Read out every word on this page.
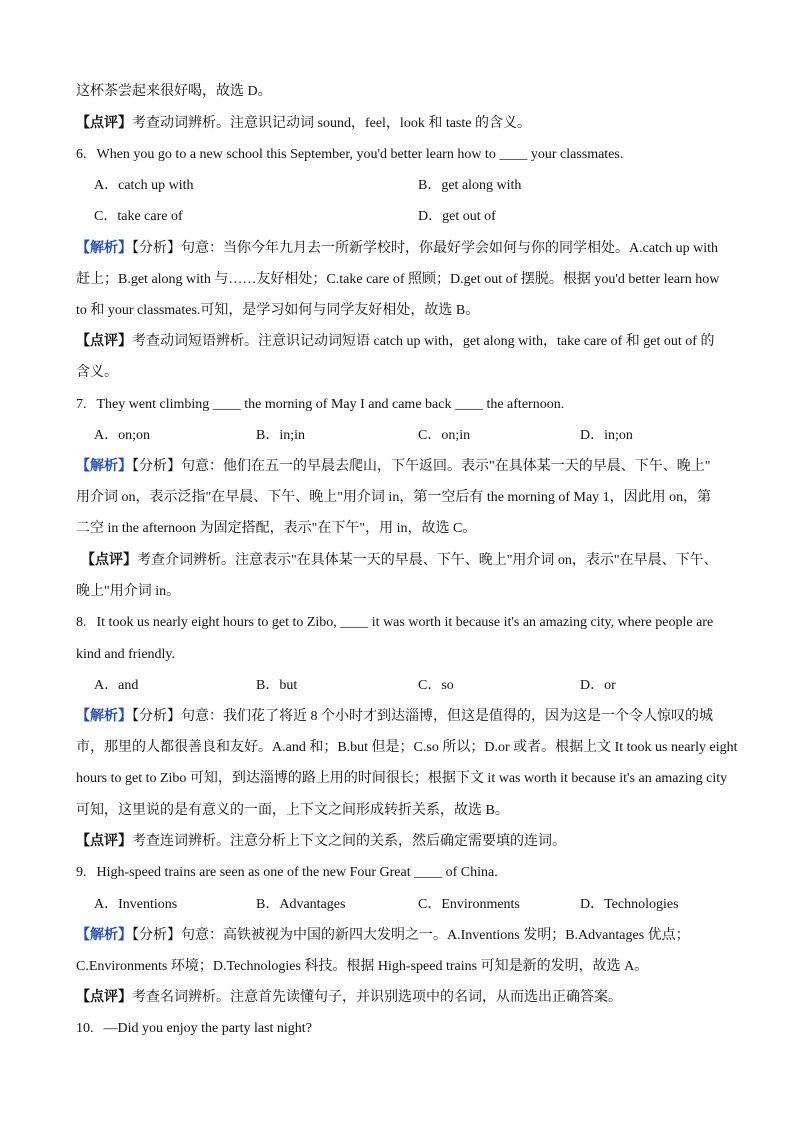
这杯茶尝起来很好喝，故选 D。
【点评】考查动词辨析。注意识记动词 sound，feel，look 和 taste 的含义。
6. When you go to a new school this September, you'd better learn how to ____ your classmates.
A．catch up with	B．get along with
C．take care of	D．get out of
【解析】【分析】句意：当你今年九月去一所新学校时，你最好学会如何与你的同学相处。A.catch up with
赶上；B.get along with 与……友好相处；C.take care of 照顾；D.get out of 摆脱。根据 you'd better learn how
to 和 your classmates.可知，是学习如何与同学友好相处，故选 B。
【点评】考查动词短语辨析。注意识记动词短语 catch up with，get along with，take care of 和 get out of 的
含义。
7. They went climbing ____ the morning of May I and came back ____ the afternoon.
A．on;on	B．in;in	C．on;in	D．in;on
【解析】【分析】句意：他们在五一的早晨去爬山，下午返回。表示"在具体某一天的早晨、下午、晚上"
用介词 on，表示泛指"在早晨、下午、晚上"用介词 in，第一空后有 the morning of May 1，因此用 on，第
二空 in the afternoon 为固定搭配，表示"在下午"，用 in，故选 C。
【点评】考查介词辨析。注意表示"在具体某一天的早晨、下午、晚上"用介词 on，表示"在早晨、下午、
晚上"用介词 in。
8. It took us nearly eight hours to get to Zibo, ____ it was worth it because it's an amazing city, where people are
kind and friendly.
A．and	B．but	C．so	D．or
【解析】【分析】句意：我们花了将近 8 个小时才到达淄博，但这是值得的，因为这是一个令人惊叹的城
市，那里的人都很善良和友好。A.and 和；B.but 但是；C.so 所以；D.or 或者。根据上文 It took us nearly eight
hours to get to Zibo 可知，到达淄博的路上用的时间很长；根据下文 it was worth it because it's an amazing city
可知，这里说的是有意义的一面，上下文之间形成转折关系，故选 B。
【点评】考查连词辨析。注意分析上下文之间的关系，然后确定需要填的连词。
9. High-speed trains are seen as one of the new Four Great ____ of China.
A．Inventions	B．Advantages	C．Environments	D．Technologies
【解析】【分析】句意：高铁被视为中国的新四大发明之一。A.Inventions 发明；B.Advantages 优点；
C.Environments 环境；D.Technologies 科技。根据 High-speed trains 可知是新的发明，故选 A。
【点评】考查名词辨析。注意首先读懂句子，并识别选项中的名词，从而选出正确答案。
10. —Did you enjoy the party last night?
